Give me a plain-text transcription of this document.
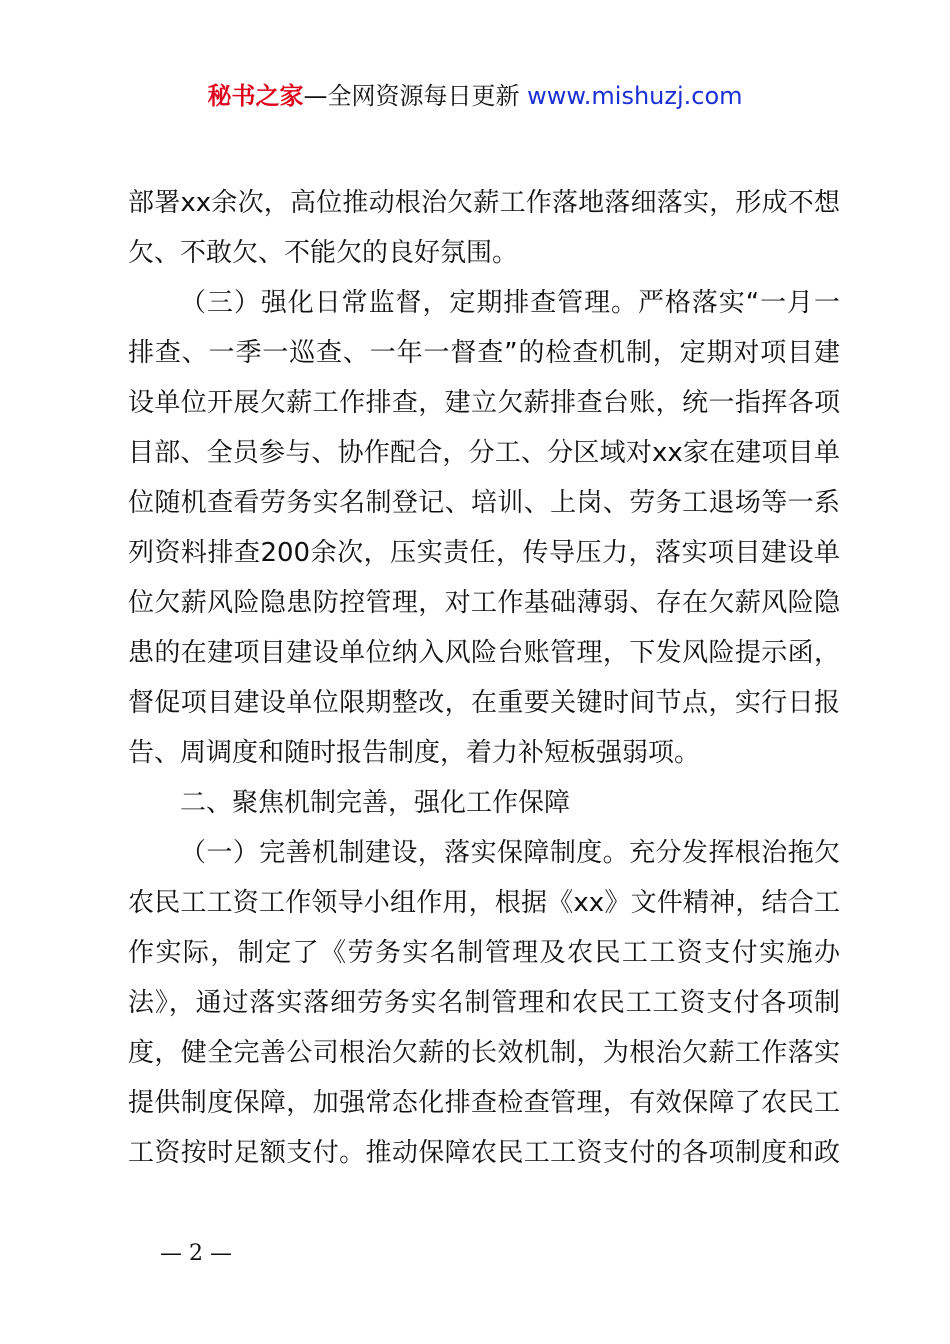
秘书之家—全网资源每日更新 www.mishuzj.com
部署xx余次，高位推动根治欠薪工作落地落细落实，形成不想
欠、不敢欠、不能欠的良好氛围。
（三）强化日常监督，定期排查管理。严格落实“一月一
排查、一季一巡查、一年一督查”的检查机制，定期对项目建
设单位开展欠薪工作排查，建立欠薪排查台账，统一指挥各项
目部、全员参与、协作配合，分工、分区域对xx家在建项目单
位随机查看劳务实名制登记、培训、上岗、劳务工退场等一系
列资料排查200余次，压实责任，传导压力，落实项目建设单
位欠薪风险隐患防控管理，对工作基础薄弱、存在欠薪风险隐
患的在建项目建设单位纳入风险台账管理，下发风险提示函，
督促项目建设单位限期整改，在重要关键时间节点，实行日报
告、周调度和随时报告制度，着力补短板强弱项。
二、聚焦机制完善，强化工作保障
（一）完善机制建设，落实保障制度。充分发挥根治拖欠
农民工工资工作领导小组作用，根据《xx》文件精神，结合工
作实际，制定了《劳务实名制管理及农民工工资支付实施办
法》，通过落实落细劳务实名制管理和农民工工资支付各项制
度，健全完善公司根治欠薪的长效机制，为根治欠薪工作落实
提供制度保障，加强常态化排查检查管理，有效保障了农民工
工资按时足额支付。推动保障农民工工资支付的各项制度和政
— 2 —
